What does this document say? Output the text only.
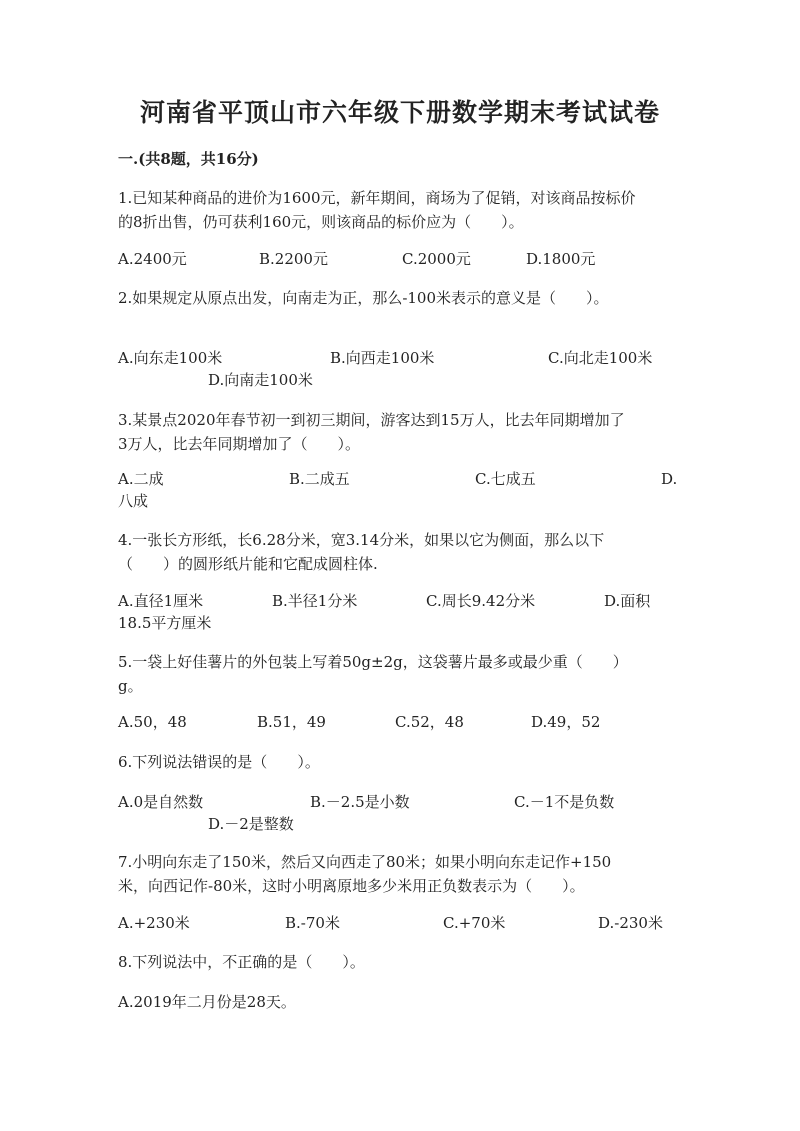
河南省平顶山市六年级下册数学期末考试试卷
一.(共8题，共16分)
1.已知某种商品的进价为1600元，新年期间，商场为了促销，对该商品按标价
的8折出售，仍可获利160元，则该商品的标价应为（　　）。
A.2400元	B.2200元	C.2000元	D.1800元
2.如果规定从原点出发，向南走为正，那么-100米表示的意义是（　　）。
A.向东走100米	B.向西走100米	C.向北走100米
D.向南走100米
3.某景点2020年春节初一到初三期间，游客达到15万人，比去年同期增加了
3万人，比去年同期增加了（　　）。
A.二成	B.二成五	C.七成五	D.
八成
4.一张长方形纸，长6.28分米，宽3.14分米，如果以它为侧面，那么以下
（　　）的圆形纸片能和它配成圆柱体.
A.直径1厘米	B.半径1分米	C.周长9.42分米	D.面积
18.5平方厘米
5.一袋上好佳薯片的外包装上写着50g±2g，这袋薯片最多或最少重（　　）
g。
A.50，48	B.51，49	C.52，48	D.49，52
6.下列说法错误的是（　　）。
A.0是自然数	B.－2.5是小数	C.－1不是负数
D.－2是整数
7.小明向东走了150米，然后又向西走了80米；如果小明向东走记作+150
米，向西记作-80米，这时小明离原地多少米用正负数表示为（　　）。
A.+230米	B.-70米	C.+70米	D.-230米
8.下列说法中，不正确的是（　　）。
A.2019年二月份是28天。
